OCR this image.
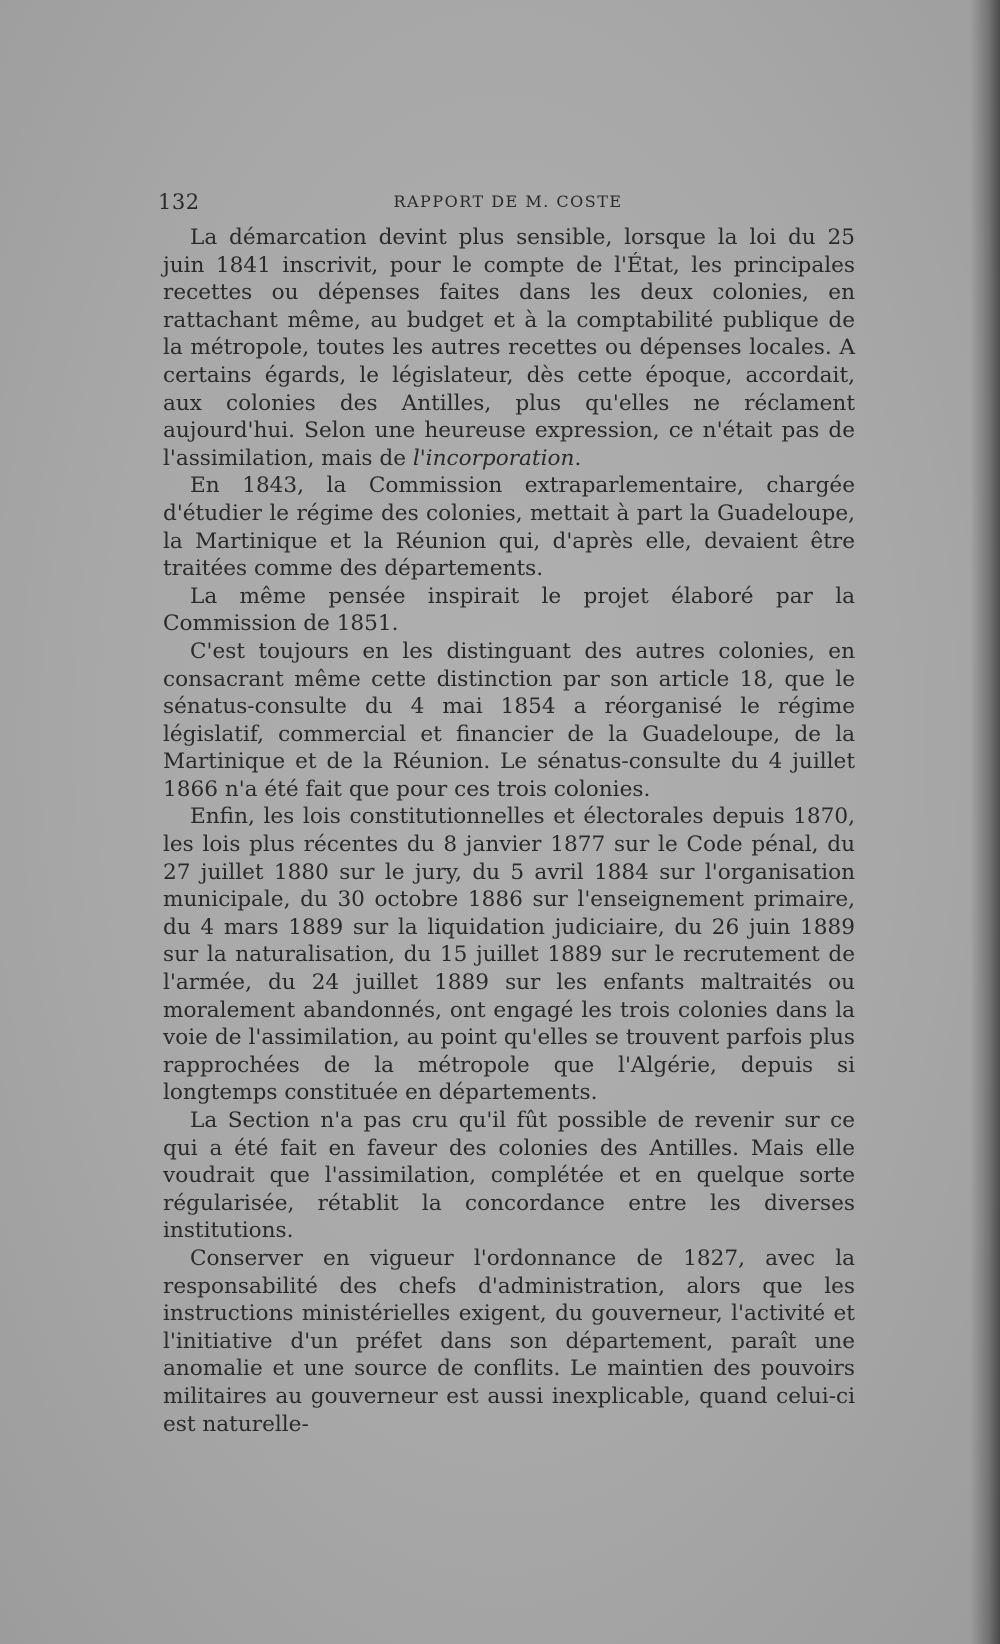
132	RAPPORT DE M. COSTE

La démarcation devint plus sensible, lorsque la loi du 25 juin 1841 inscrivit, pour le compte de l'État, les principales recettes ou dépenses faites dans les deux colonies, en rattachant même, au budget et à la comptabilité publique de la métropole, toutes les autres recettes ou dépenses locales. A certains égards, le législateur, dès cette époque, accordait, aux colonies des Antilles, plus qu'elles ne réclament aujourd'hui. Selon une heureuse expression, ce n'était pas de l'assimilation, mais de l'incorporation.

En 1843, la Commission extraparlementaire, chargée d'étudier le régime des colonies, mettait à part la Guadeloupe, la Martinique et la Réunion qui, d'après elle, devaient être traitées comme des départements.

La même pensée inspirait le projet élaboré par la Commission de 1851.

C'est toujours en les distinguant des autres colonies, en consacrant même cette distinction par son article 18, que le sénatus-consulte du 4 mai 1854 a réorganisé le régime législatif, commercial et financier de la Guadeloupe, de la Martinique et de la Réunion. Le sénatus-consulte du 4 juillet 1866 n'a été fait que pour ces trois colonies.

Enfin, les lois constitutionnelles et électorales depuis 1870, les lois plus récentes du 8 janvier 1877 sur le Code pénal, du 27 juillet 1880 sur le jury, du 5 avril 1884 sur l'organisation municipale, du 30 octobre 1886 sur l'enseignement primaire, du 4 mars 1889 sur la liquidation judiciaire, du 26 juin 1889 sur la naturalisation, du 15 juillet 1889 sur le recrutement de l'armée, du 24 juillet 1889 sur les enfants maltraités ou moralement abandonnés, ont engagé les trois colonies dans la voie de l'assimilation, au point qu'elles se trouvent parfois plus rapprochées de la métropole que l'Algérie, depuis si longtemps constituée en départements.

La Section n'a pas cru qu'il fût possible de revenir sur ce qui a été fait en faveur des colonies des Antilles. Mais elle voudrait que l'assimilation, complétée et en quelque sorte régularisée, rétablit la concordance entre les diverses institutions.

Conserver en vigueur l'ordonnance de 1827, avec la responsabilité des chefs d'administration, alors que les instructions ministérielles exigent, du gouverneur, l'activité et l'initiative d'un préfet dans son département, paraît une anomalie et une source de conflits. Le maintien des pouvoirs militaires au gouverneur est aussi inexplicable, quand celui-ci est naturelle-
